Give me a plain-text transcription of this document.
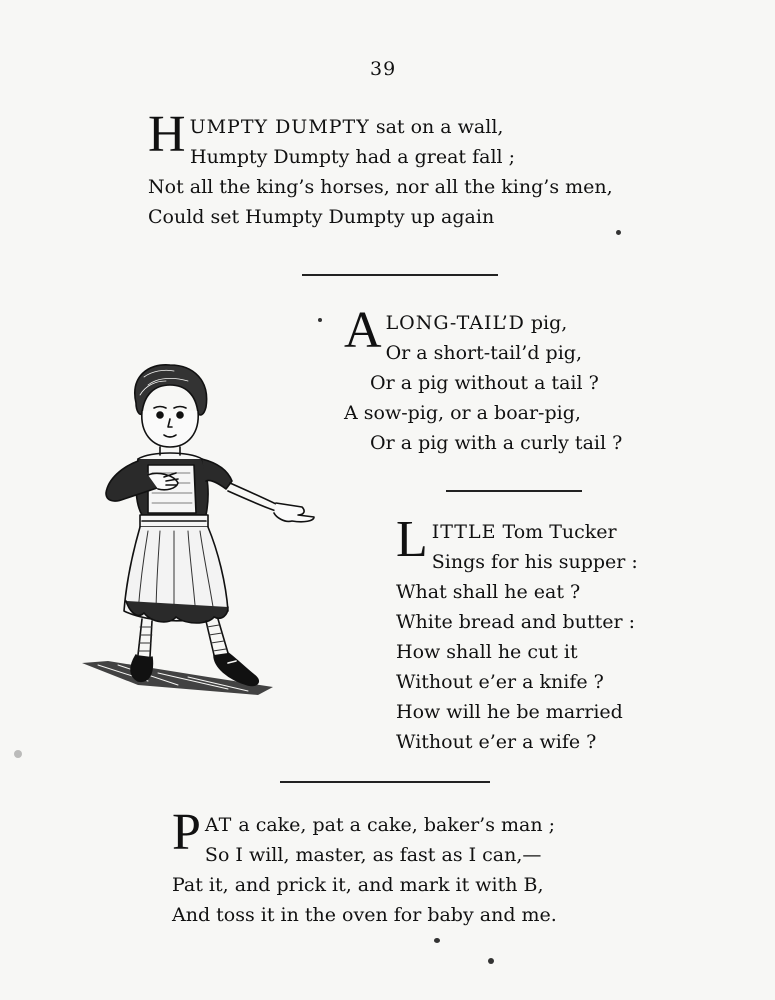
39
H UMPTY DUMPTY sat on a wall,
Humpty Dumpty had a great fall ;
Not all the king’s horses, nor all the king’s men,
Could set Humpty Dumpty up again
A LONG-TAIL’D pig,
Or a short-tail’d pig,
Or a pig without a tail ?
A sow-pig, or a boar-pig,
Or a pig with a curly tail ?
L ITTLE Tom Tucker
Sings for his supper :
What shall he eat ?
White bread and butter :
How shall he cut it
Without e’er a knife ?
How will he be married
Without e’er a wife ?
P AT a cake, pat a cake, baker’s man ;
So I will, master, as fast as I can,—
Pat it, and prick it, and mark it with B,
And toss it in the oven for baby and me.
